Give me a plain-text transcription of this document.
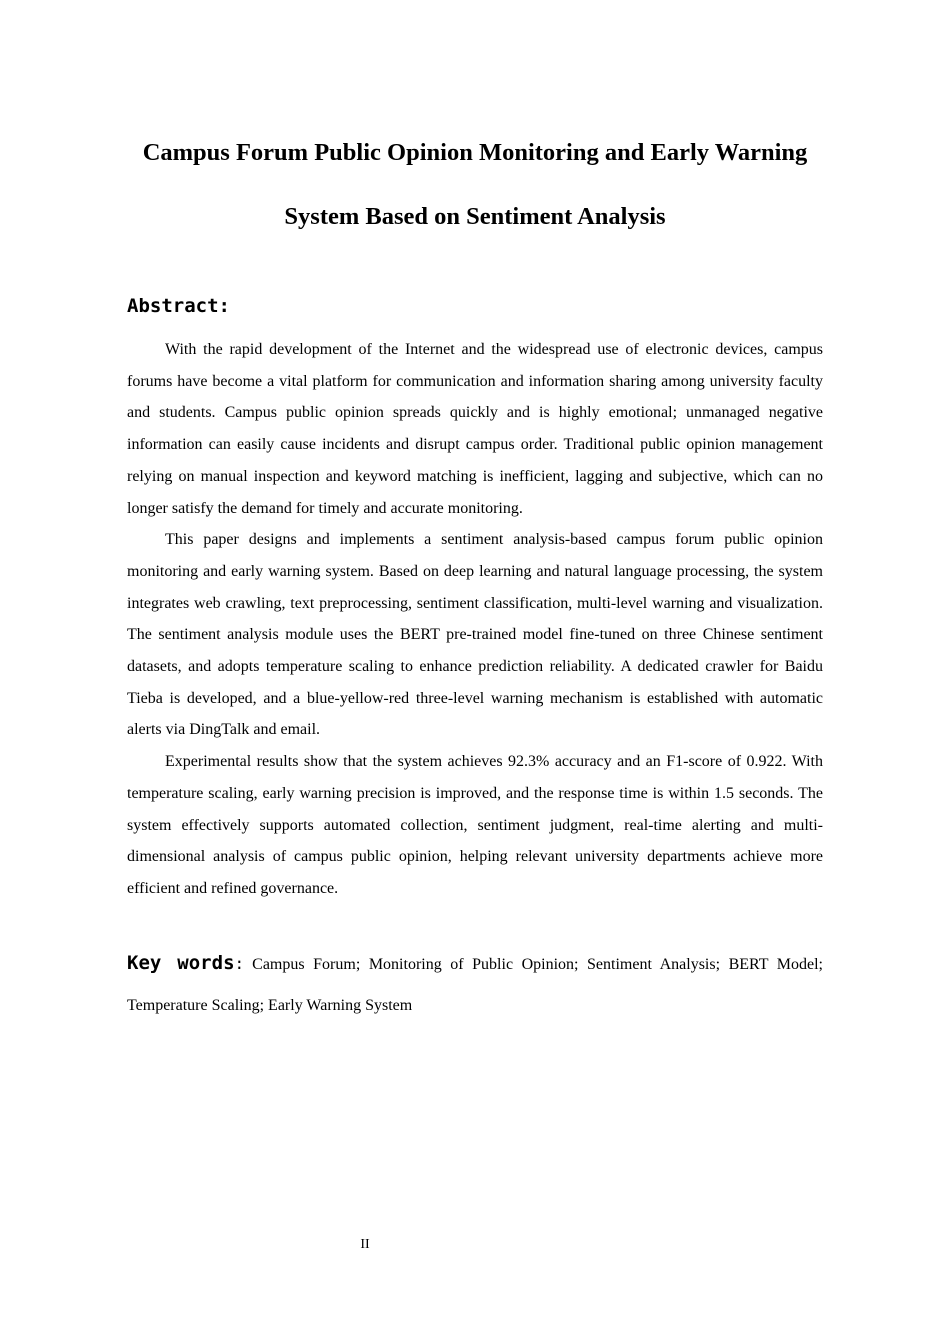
Campus Forum Public Opinion Monitoring and Early Warning
System Based on Sentiment Analysis
Abstract:

With the rapid development of the Internet and the widespread use of electronic devices, campus forums have become a vital platform for communication and information sharing among university faculty and students. Campus public opinion spreads quickly and is highly emotional; unmanaged negative information can easily cause incidents and disrupt campus order. Traditional public opinion management relying on manual inspection and keyword matching is inefficient, lagging and subjective, which can no longer satisfy the demand for timely and accurate monitoring.

This paper designs and implements a sentiment analysis-based campus forum public opinion monitoring and early warning system. Based on deep learning and natural language processing, the system integrates web crawling, text preprocessing, sentiment classification, multi-level warning and visualization. The sentiment analysis module uses the BERT pre-trained model fine-tuned on three Chinese sentiment datasets, and adopts temperature scaling to enhance prediction reliability. A dedicated crawler for Baidu Tieba is developed, and a blue-yellow-red three-level warning mechanism is established with automatic alerts via DingTalk and email.

Experimental results show that the system achieves 92.3% accuracy and an F1-score of 0.922. With temperature scaling, early warning precision is improved, and the response time is within 1.5 seconds. The system effectively supports automated collection, sentiment judgment, real-time alerting and multi-dimensional analysis of campus public opinion, helping relevant university departments achieve more efficient and refined governance.

Key words: Campus Forum; Monitoring of Public Opinion; Sentiment Analysis; BERT Model; Temperature Scaling; Early Warning System

II
